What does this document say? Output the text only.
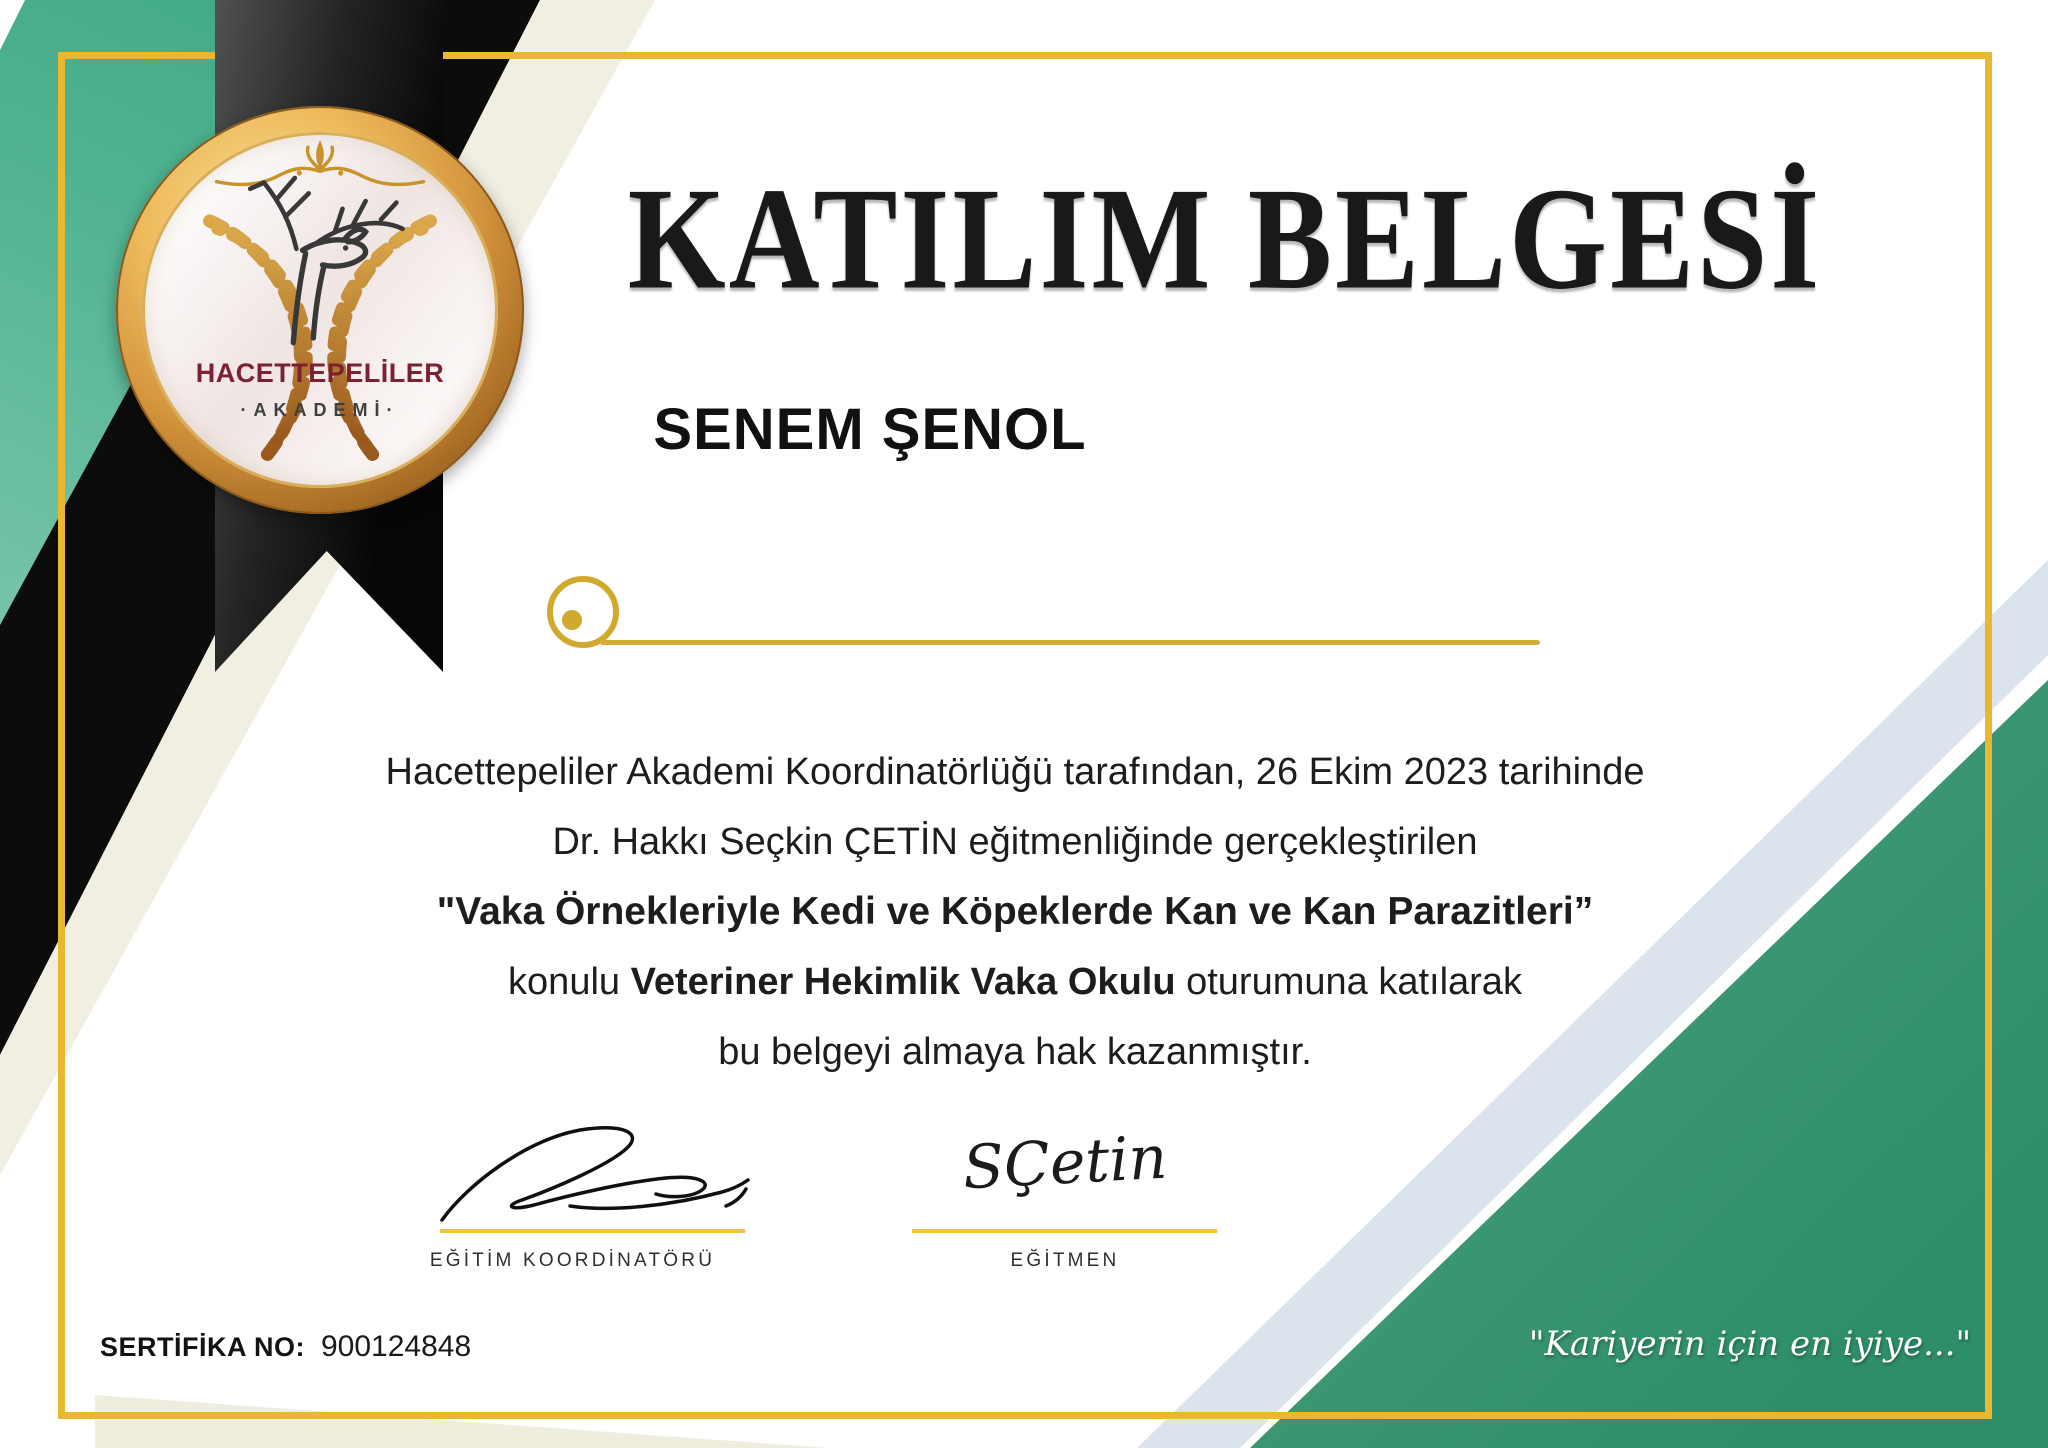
HACETTEPELİLER
·AKADEMİ·
KATILIM BELGESİ
SENEM ŞENOL
Hacettepeliler Akademi Koordinatörlüğü tarafından, 26 Ekim 2023 tarihinde
Dr. Hakkı Seçkin ÇETİN eğitmenliğinde gerçekleştirilen
"Vaka Örnekleriyle Kedi ve Köpeklerde Kan ve Kan Parazitleri”
konulu Veteriner Hekimlik Vaka Okulu oturumuna katılarak
bu belgeyi almaya hak kazanmıştır.
EĞİTİM KOORDİNATÖRÜ
SÇetin
EĞİTMEN
SERTİFİKA NO: 900124848	"Kariyerin için en iyiye..."
